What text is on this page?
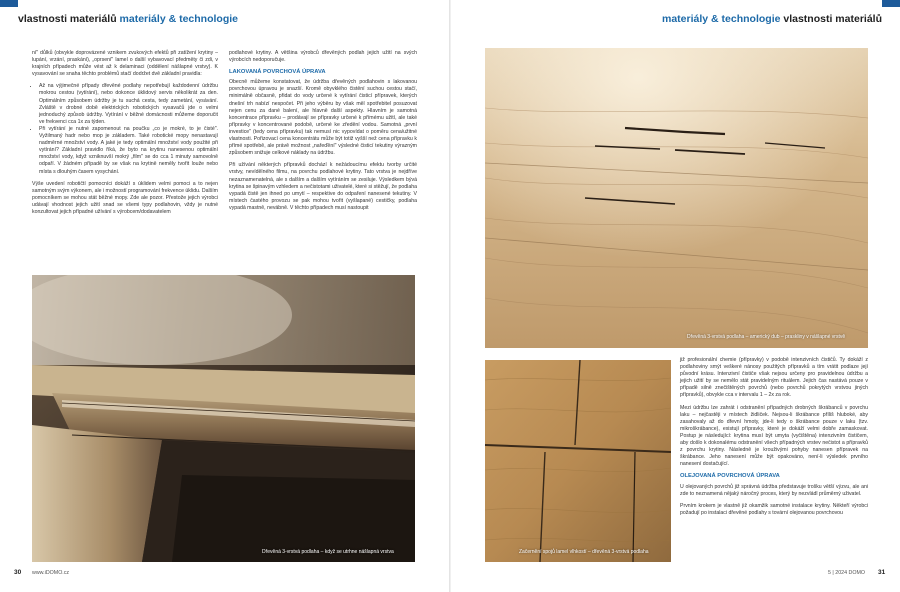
vlastnosti materiálů materiály & technologie

ní" důlků (obvykle doprovázené vznikem zvukových efektů při zatížení krytiny – lupání, vrzání, praskání), „oprsení" lamel o další vybavovací předměty či zdi, v krajních případech může vést až k delaminaci (oddělení nášlapné vrstvy). K vysavování se snaha těchto problémů stačí dodržet dvě základní pravidla:

• Až na výjimečné případy dřevěné podlahy nepotřebují každodenní údržbu mokrou cestou (vytírání), nebo dokonce úklidový servis několikrát za den. Optimálním způsobem údržby je tu suchá cesta, tedy zametání, vysávání. Zvláště v drobné době elektrických robotických vysavačů jde o velmi jednoduchý způsob údržby. Vytírání v běžné domácnosti můžeme doporučit ve frekvenci cca 1x za týden.
• Při vytírání je nutné zapomenout na poučku „co je mokré, to je čisté". Vyžilmaný hadr nebo mop je základem. Také robotické mopy nenastavují nadměrné množství vody. A jaké je tedy optimální množství vody použité při vytírání? Základní pravidlo říká, že byto na krytinu nanesenou optimální množství vody, když vzniknuvší mokrý „film" se do cca 1 minuty samovolně odpaří. V žádném případě by se však na krytině neměly tvořit louže nebo místa s dlouhým časem vysychání.

Výše uvedení robotičtí pomocníci dokáží s úklidem velmi pomoci a to nejen samotným svým výkonem, ale i možností programování frekvence úklidu. Dalším pomocníkem se mohou stát běžné mopy. Zde ale pozor. Přestože jejich výrobci udávají vhodnost jejich užití snad se všemi typy podlahovin, vždy je nutné konzultovat jejich případné užívání s výrobcem/dodavatelem

podlahové krytiny. A většina výrobců dřevěných podlah jejich užití na svých výrobcích nedoporučuje.

LAKOVANÁ POVRCHOVÁ ÚPRAVA

Obecně můžeme konstatovat, že údržba dřevěných podlahovin s lakovanou povrchovou úpravou je snazší. Kromě obyvklého čistění suchou cestou stačí, minimálně občasně, přidat do vody určené k vytírání čisticí přípravek, kterých dnešní trh nabízí nespočet. Při jeho výběru by však měl spotřebitel posuzovat nejen cenu za dané balení, ale hlavně další aspekty. Hlavním je samotná koncentrace přípravku – prodávají se přípravky určené k přímému užití, ale také přípravky v koncentrované podobě, určené ke zředění vodou. Samotná „první investice" (tedy cena přípravku) tak nemusí nic vypovídat o poměru cena/užitné vlastnosti. Pořizovací cena koncentrátu může být totiž vyšší než cena přípravku k přímé spotřebě, ale právě možnost „nařeďění" výsledné čisticí tekutiny výrazným způsobem snižuje celkové náklady na údržbu.

Při užívání některých přípravků dochází k nežádoucímu efektu tvorby určité vrstvy, nevídělného filmu, na povrchu podlahové krytiny. Tato vrstva je nejdříve nezaznamenatelná, ale s dalším a dalším vytíráním se zesiluje. Výsledkem bývá krytina se špinavým vzhledem a nečistotami uživatelé, které si stěžují, že podlaha vypadá čistě jen ihned po umytí – respektive do odpaření nanesené tekutiny. V místech častého provozu se pak mohou tvořit (vyšlapané) cestičky, podlaha vypadá mastně, nevábně. V těchto případech musí nastoupit

Dřevěná 3-vrstvá podlaha – když se utrhne nášlapná vrstva
30 www.iDOMO.cz
materiály & technologie vlastnosti materiálů
Dřevěná 3-vrstvá podlaha – americký dub – praskliny v nášlapné vrstvě
Začernění spojů lamel vlhkostí – dřevěná 3-vrstvá podlaha

již profesionální chemie (přípravky) v podobě intenzivních čističů. Ty dokáží z podlahoviny smýt veškeré nánosy použitých přípravků a tím vrátit podlaze její původní krásu. Intenzivní čističe však nejsou určeny pro pravidelnou údržbu a jejich užití by se nemělo stát pravidelným rituálem. Jejich čas nastává pouze v případě silně znečištěných povrchů (nebo povrchů pokrytých vrstvou jiných přípravků), obvykle cca v intervalu 1 – 2x za rok.

Mezi údržbu lze zahrát i odstranění případných drobných škrábanců v povrchu laku – nejčastěji v místech židliček. Nejsou-li škrábance příliš hluboké, aby zasahovaly až do dřevní hmoty, jde-li tedy o škrábance pouze v laku (tzv. mikroškrábance), existují přípravky, které je dokáží velmi dobře zamaskovat. Postup je následující: krytina musí být umyta (vyčištěna) intenzivním čističem, aby došlo k dokonalému odstranění všech případných vrstev nečistot a přípravků z povrchu krytiny. Následně je krouživými pohyby nanesen přípravek na škrábance. Jeho nanesení může být opakováno, není-li výsledek prvního nanesení dostačující.

OLEJOVANÁ POVRCHOVÁ ÚPRAVA

U olejovaných povrchů již správná údržba představuje trošku větší výzvu, ale ani zde to neznamená nějaký náročný proces, který by nezvládl průměrný uživatel.

Prvním krokem je vlastně již okamžik samotné instalace krytiny. Někteří výrobci požadují po instalaci dřevěné podlahy s tovární olejovanou povrchovou

5 | 2024 DOMO 31
